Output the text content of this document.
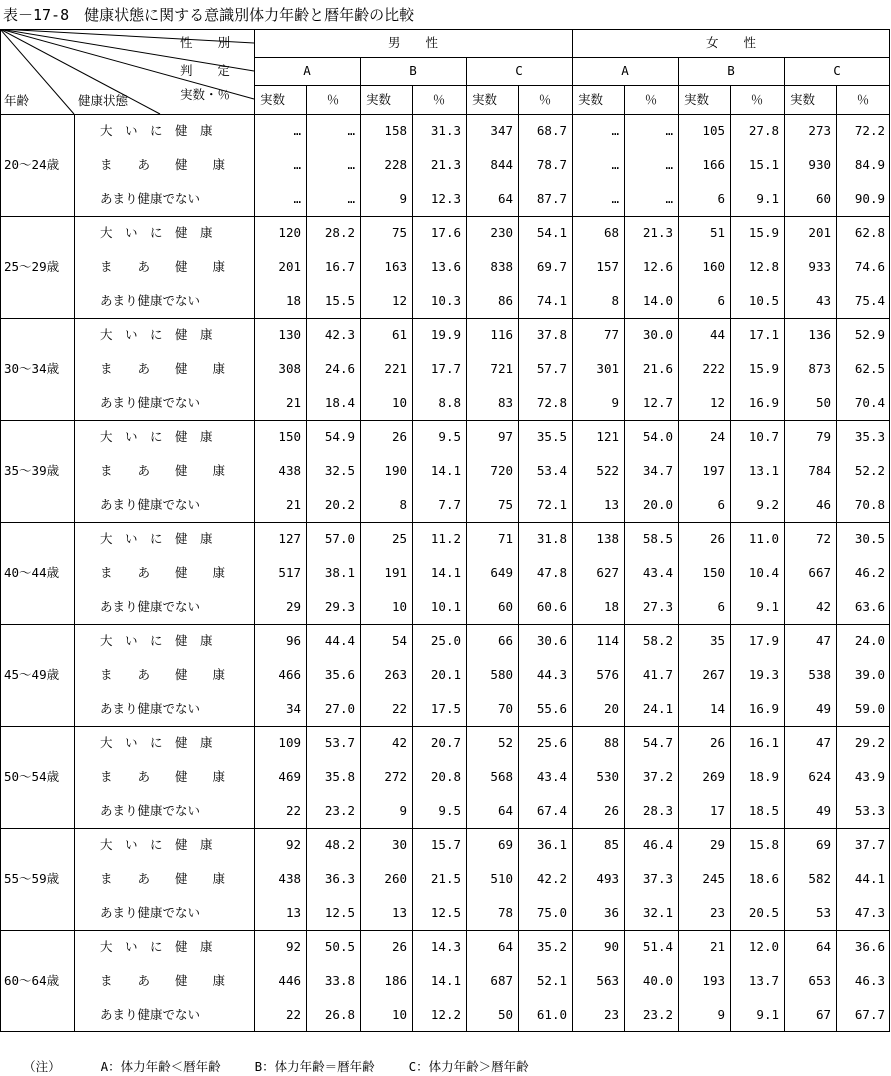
表－17-8　健康状態に関する意識別体力年齢と暦年齢の比較
性　　別
判　　定
実数・％
年齢	健康状態
男　　性	女　　性
A	B	C	A	B	C
実数	％	実数	％	実数	％	実数	％	実数	％	実数	％
20～24歳
大　い　に　健　康	…	…	158	31.3	347	68.7	…	…	105	27.8	273	72.2
ま　　あ　　健　　康	…	…	228	21.3	844	78.7	…	…	166	15.1	930	84.9
あまり健康でない	…	…	9	12.3	64	87.7	…	…	6	9.1	60	90.9
25～29歳
大　い　に　健　康	120	28.2	75	17.6	230	54.1	68	21.3	51	15.9	201	62.8
ま　　あ　　健　　康	201	16.7	163	13.6	838	69.7	157	12.6	160	12.8	933	74.6
あまり健康でない	18	15.5	12	10.3	86	74.1	8	14.0	6	10.5	43	75.4
30～34歳
大　い　に　健　康	130	42.3	61	19.9	116	37.8	77	30.0	44	17.1	136	52.9
ま　　あ　　健　　康	308	24.6	221	17.7	721	57.7	301	21.6	222	15.9	873	62.5
あまり健康でない	21	18.4	10	8.8	83	72.8	9	12.7	12	16.9	50	70.4
35～39歳
大　い　に　健　康	150	54.9	26	9.5	97	35.5	121	54.0	24	10.7	79	35.3
ま　　あ　　健　　康	438	32.5	190	14.1	720	53.4	522	34.7	197	13.1	784	52.2
あまり健康でない	21	20.2	8	7.7	75	72.1	13	20.0	6	9.2	46	70.8
40～44歳
大　い　に　健　康	127	57.0	25	11.2	71	31.8	138	58.5	26	11.0	72	30.5
ま　　あ　　健　　康	517	38.1	191	14.1	649	47.8	627	43.4	150	10.4	667	46.2
あまり健康でない	29	29.3	10	10.1	60	60.6	18	27.3	6	9.1	42	63.6
45～49歳
大　い　に　健　康	96	44.4	54	25.0	66	30.6	114	58.2	35	17.9	47	24.0
ま　　あ　　健　　康	466	35.6	263	20.1	580	44.3	576	41.7	267	19.3	538	39.0
あまり健康でない	34	27.0	22	17.5	70	55.6	20	24.1	14	16.9	49	59.0
50～54歳
大　い　に　健　康	109	53.7	42	20.7	52	25.6	88	54.7	26	16.1	47	29.2
ま　　あ　　健　　康	469	35.8	272	20.8	568	43.4	530	37.2	269	18.9	624	43.9
あまり健康でない	22	23.2	9	9.5	64	67.4	26	28.3	17	18.5	49	53.3
55～59歳
大　い　に　健　康	92	48.2	30	15.7	69	36.1	85	46.4	29	15.8	69	37.7
ま　　あ　　健　　康	438	36.3	260	21.5	510	42.2	493	37.3	245	18.6	582	44.1
あまり健康でない	13	12.5	13	12.5	78	75.0	36	32.1	23	20.5	53	47.3
60～64歳
大　い　に　健　康	92	50.5	26	14.3	64	35.2	90	51.4	21	12.0	64	36.6
ま　　あ　　健　　康	446	33.8	186	14.1	687	52.1	563	40.0	193	13.7	653	46.3
あまり健康でない	22	26.8	10	12.2	50	61.0	23	23.2	9	9.1	67	67.7

（注）	A：体力年齢＜暦年齢	B：体力年齢＝暦年齢	C：体力年齢＞暦年齢
